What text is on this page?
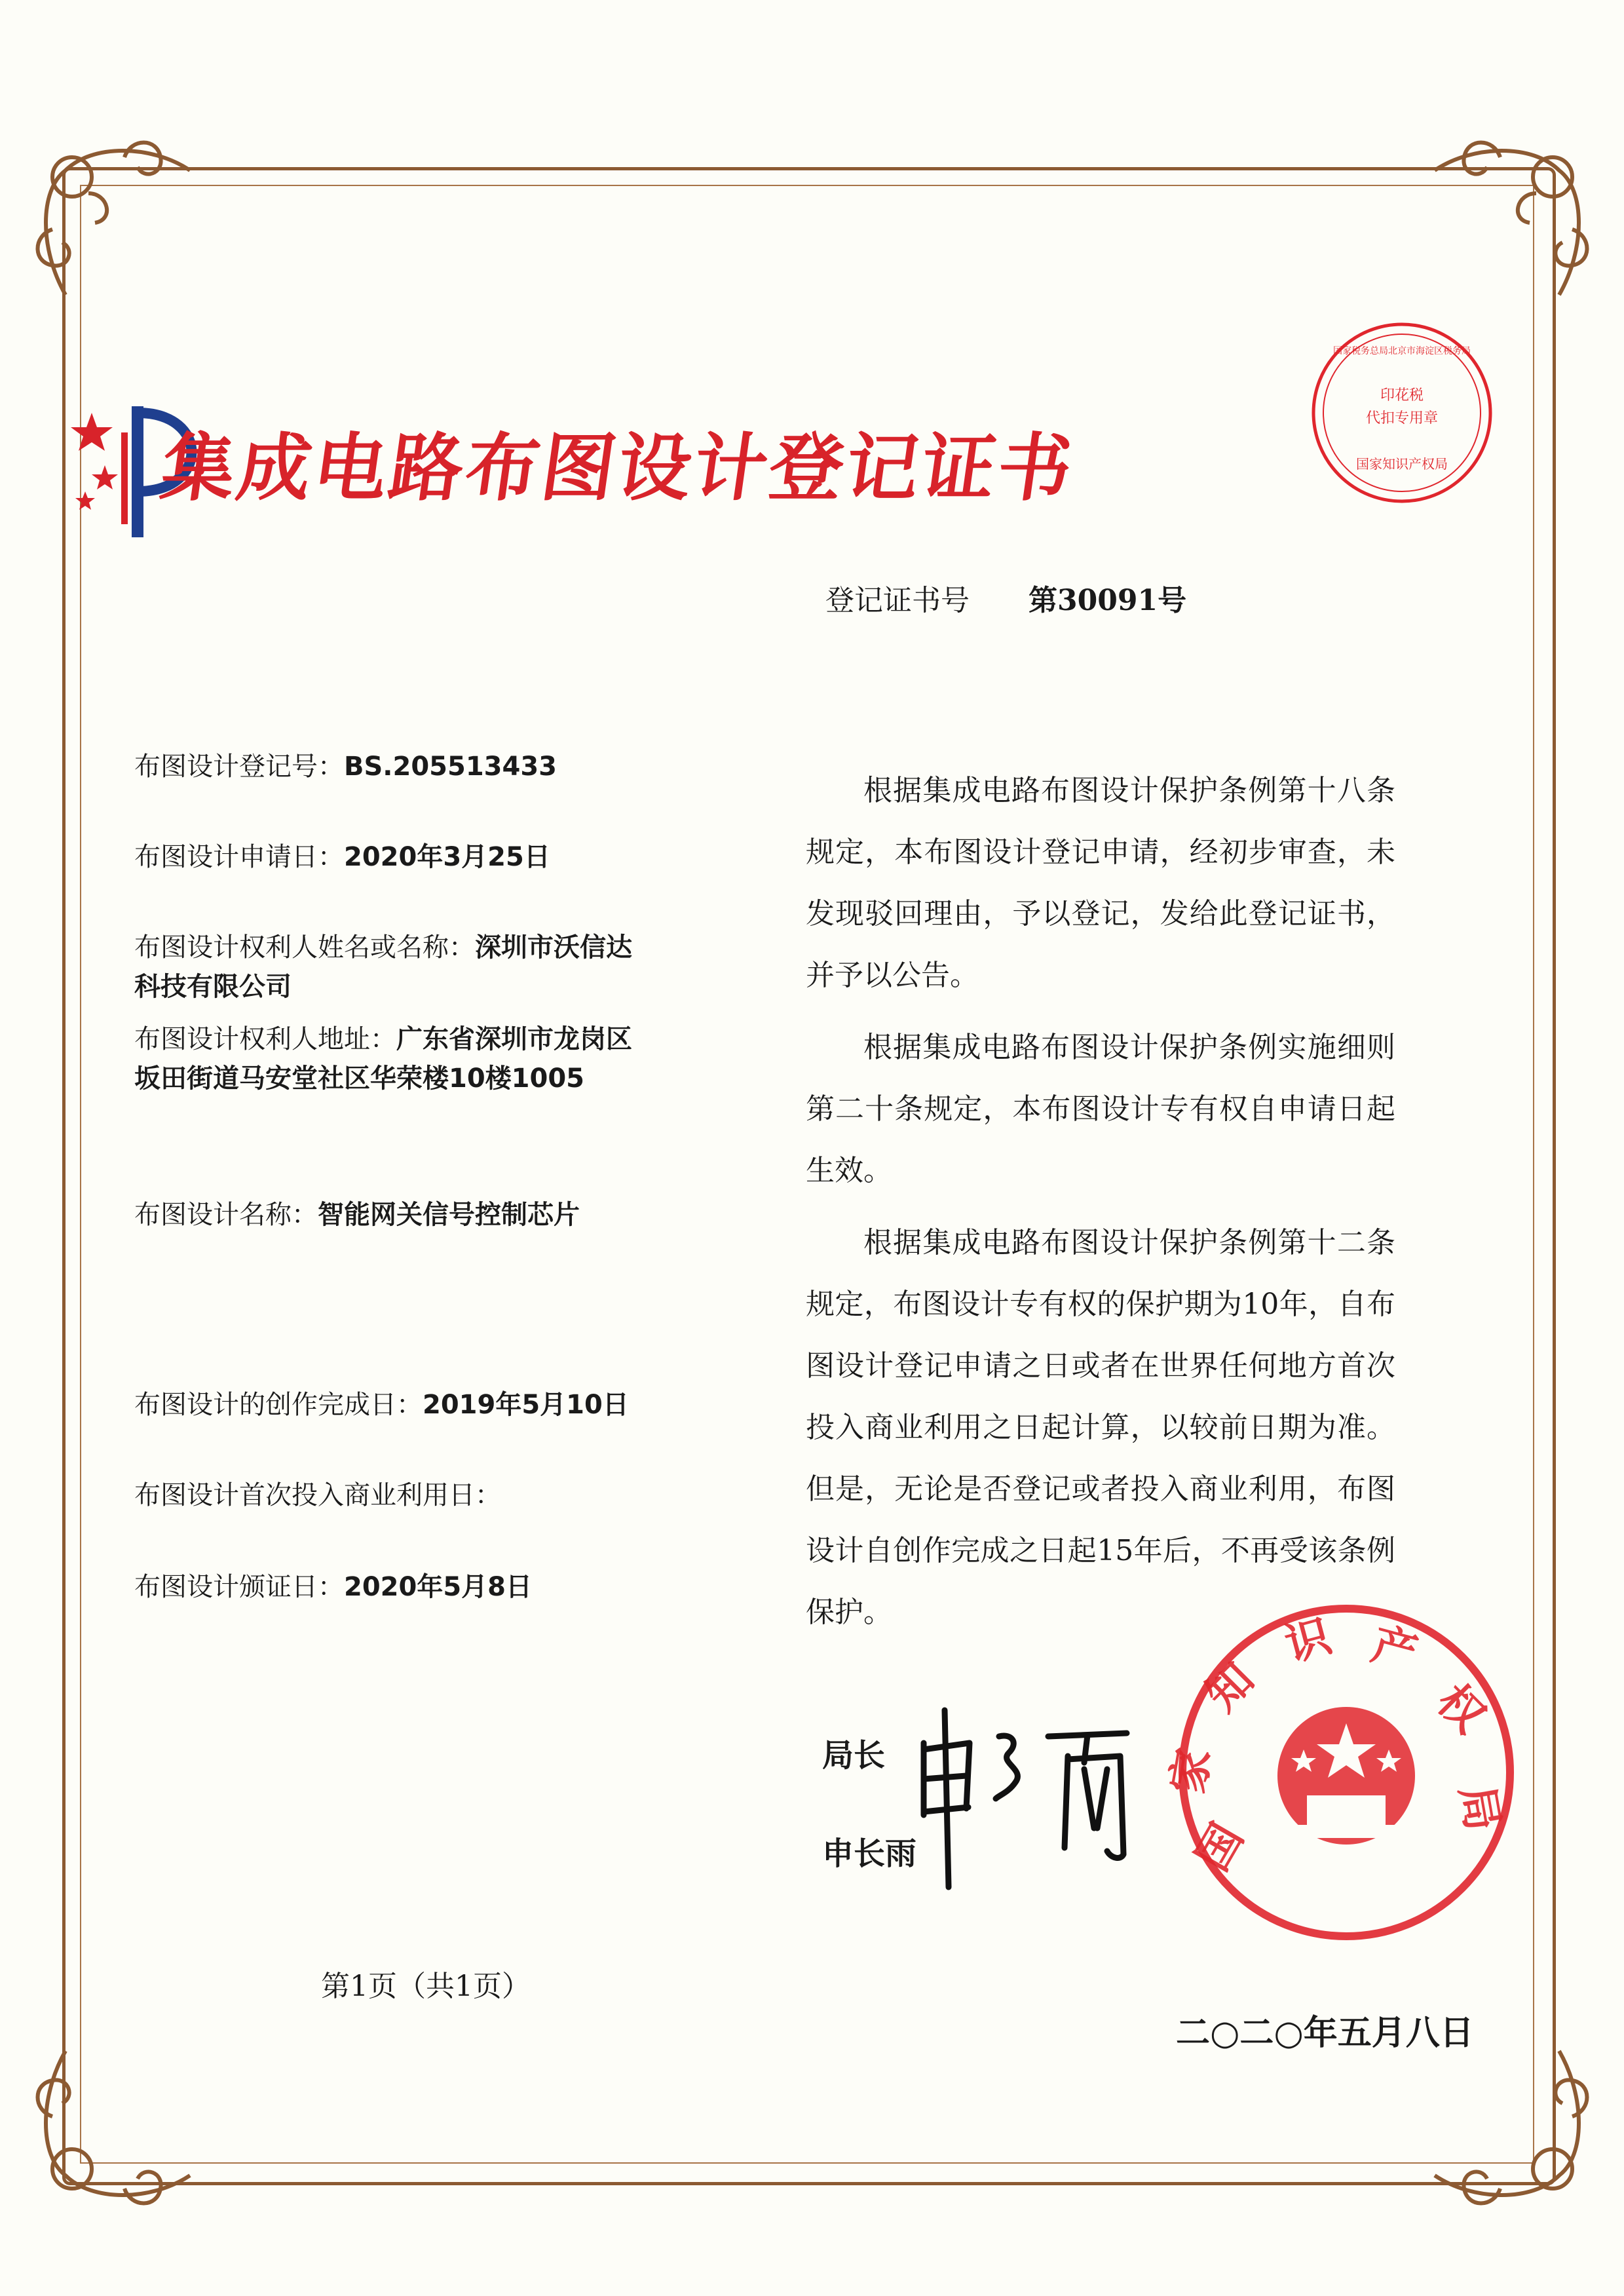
集成电路布图设计登记证书
印花税
代扣专用章
国家知识产权局
国家税务总局北京市海淀区税务局
登记证书号 第30091号
布图设计登记号：BS.205513433
布图设计申请日：2020年3月25日
布图设计权利人姓名或名称：深圳市沃信达科技有限公司
布图设计权利人地址：广东省深圳市龙岗区坂田街道马安堂社区华荣楼10楼1005
布图设计名称：智能网关信号控制芯片
布图设计的创作完成日：2019年5月10日
布图设计首次投入商业利用日：
布图设计颁证日：2020年5月8日

根据集成电路布图设计保护条例第十八条规定，本布图设计登记申请，经初步审查，未发现驳回理由，予以登记，发给此登记证书，并予以公告。

根据集成电路布图设计保护条例实施细则第二十条规定，本布图设计专有权自申请日起生效。

根据集成电路布图设计保护条例第十二条规定，布图设计专有权的保护期为10年，自布图设计登记申请之日或者在世界任何地方首次投入商业利用之日起计算，以较前日期为准。但是，无论是否登记或者投入商业利用，布图设计自创作完成之日起15年后，不再受该条例保护。

局长
申长雨
第1页（共1页）
国
家
知
识 产
权
局
二○二○年五月八日
